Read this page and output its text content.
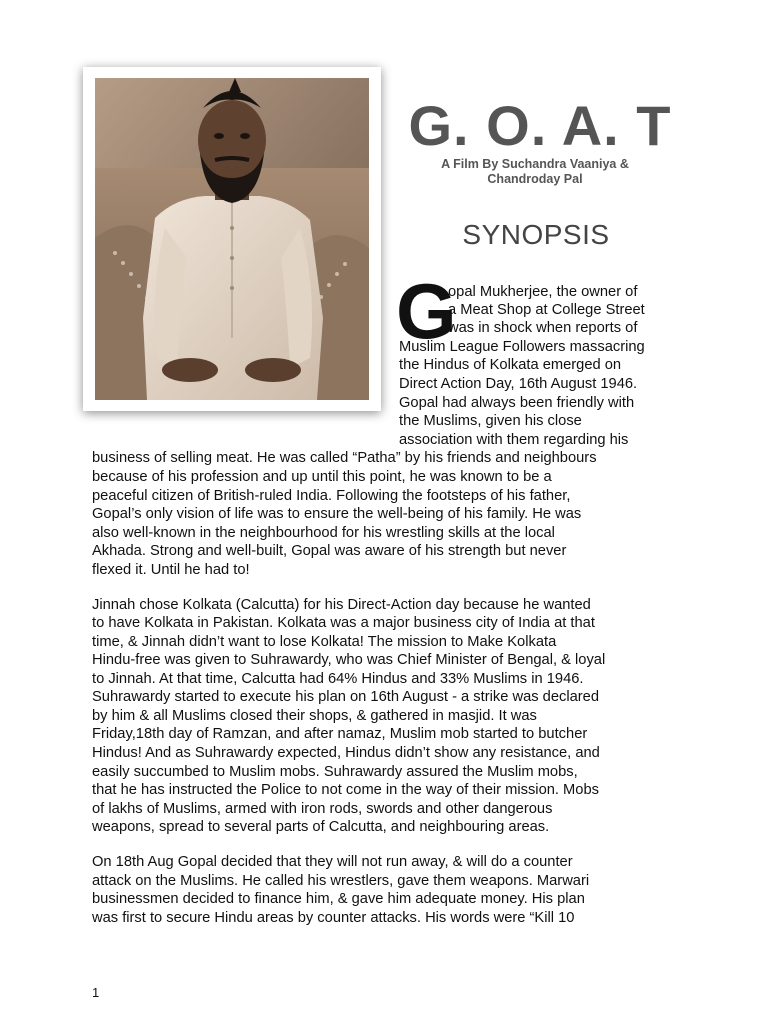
G. O. A. T
A Film By Suchandra Vaaniya &
Chandroday Pal
SYNOPSIS
G
opal Mukherjee, the owner of
a Meat Shop at College Street
was in shock when reports of
Muslim League Followers massacring
the Hindus of Kolkata emerged on
Direct Action Day, 16th August 1946.
Gopal had always been friendly with
the Muslims, given his close
association with them regarding his
business of selling meat. He was called “Patha” by his friends and neighbours
because of his profession and up until this point, he was known to be a
peaceful citizen of British-ruled India. Following the footsteps of his father,
Gopal’s only vision of life was to ensure the well-being of his family. He was
also well-known in the neighbourhood for his wrestling skills at the local
Akhada. Strong and well-built, Gopal was aware of his strength but never
flexed it. Until he had to!
Jinnah chose Kolkata (Calcutta) for his Direct-Action day because he wanted
to have Kolkata in Pakistan. Kolkata was a major business city of India at that
time, & Jinnah didn’t want to lose Kolkata! The mission to Make Kolkata
Hindu-free was given to Suhrawardy, who was Chief Minister of Bengal, & loyal
to Jinnah. At that time, Calcutta had 64% Hindus and 33% Muslims in 1946.
Suhrawardy started to execute his plan on 16th August - a strike was declared
by him & all Muslims closed their shops, & gathered in masjid. It was
Friday,18th day of Ramzan, and after namaz, Muslim mob started to butcher
Hindus! And as Suhrawardy expected, Hindus didn’t show any resistance, and
easily succumbed to Muslim mobs. Suhrawardy assured the Muslim mobs,
that he has instructed the Police to not come in the way of their mission. Mobs
of lakhs of Muslims, armed with iron rods, swords and other dangerous
weapons, spread to several parts of Calcutta, and neighbouring areas.
On 18th Aug Gopal decided that they will not run away, & will do a counter
attack on the Muslims. He called his wrestlers, gave them weapons. Marwari
businessmen decided to finance him, & gave him adequate money. His plan
was first to secure Hindu areas by counter attacks. His words were “Kill 10
1
